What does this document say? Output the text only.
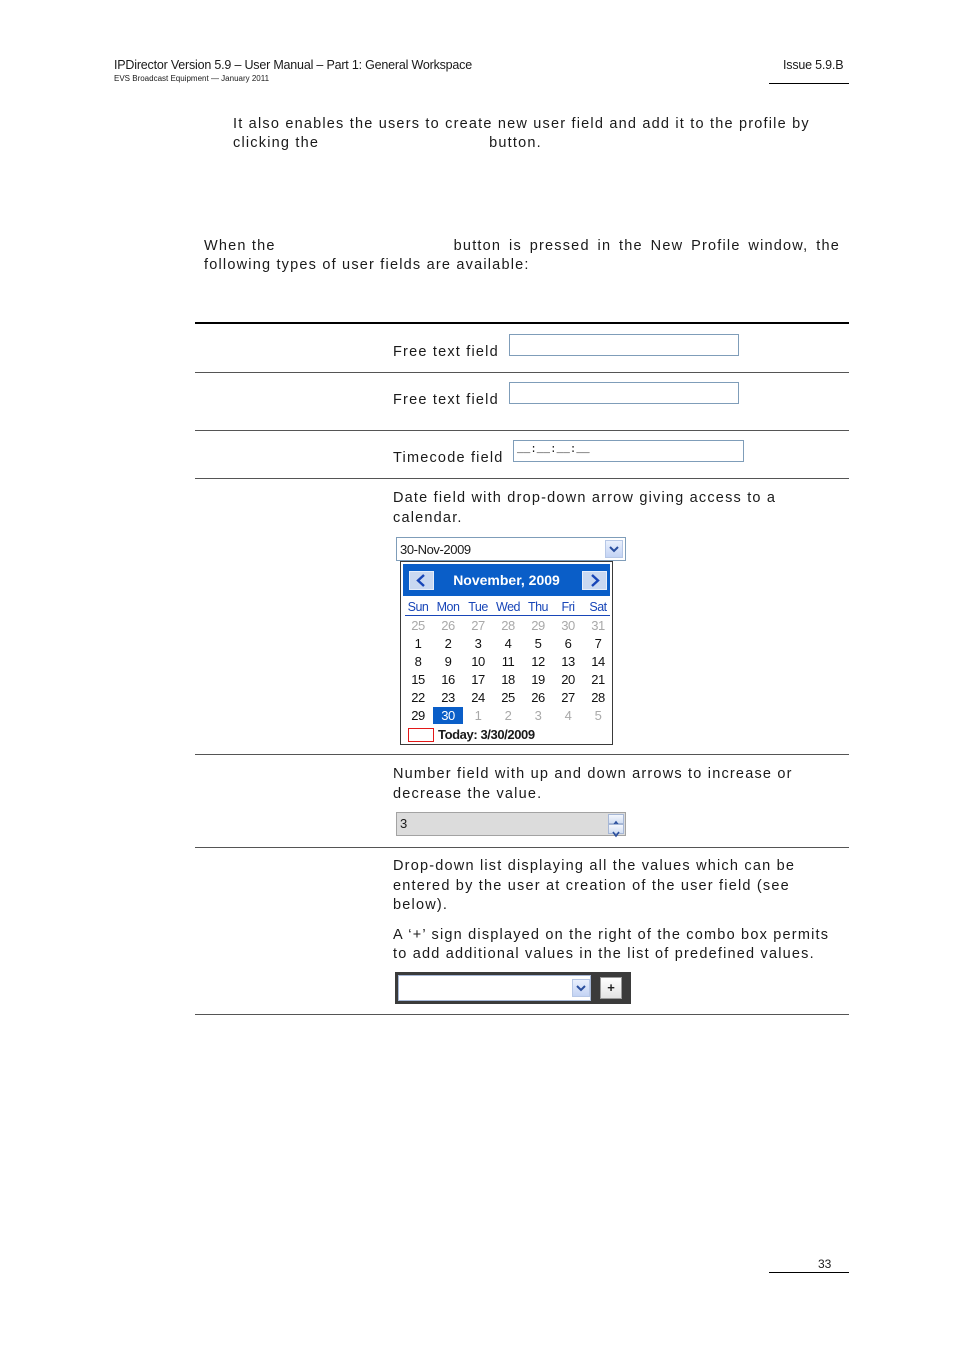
IPDirector Version 5.9 – User Manual – Part 1: General Workspace
EVS Broadcast Equipment — January 2011
Issue 5.9.B
It also enables the users to create new user field and add it to the profile by
clicking the	button.
When the	button is pressed in the New Profile window, the
following types of user fields are available:
Free text field
Free text field
Timecode field __:__:__:__
Date field with drop-down arrow giving access to a
calendar.
30-Nov-2009
November, 2009
Sun Mon Tue Wed Thu	Fri	Sat
25	26	27	28	29	30	31
1	2	3	4	5	6	7
8	9	10	11	12	13	14
15	16	17	18	19	20	21
22	23	24	25	26	27	28
29	30	1	2	3	4	5
Today: 3/30/2009
Number field with up and down arrows to increase or
decrease the value.
3
Drop-down list displaying all the values which can be
entered by the user at creation of the user field (see
below).
A ‘+’ sign displayed on the right of the combo box permits
to add additional values in the list of predefined values.
+
33
